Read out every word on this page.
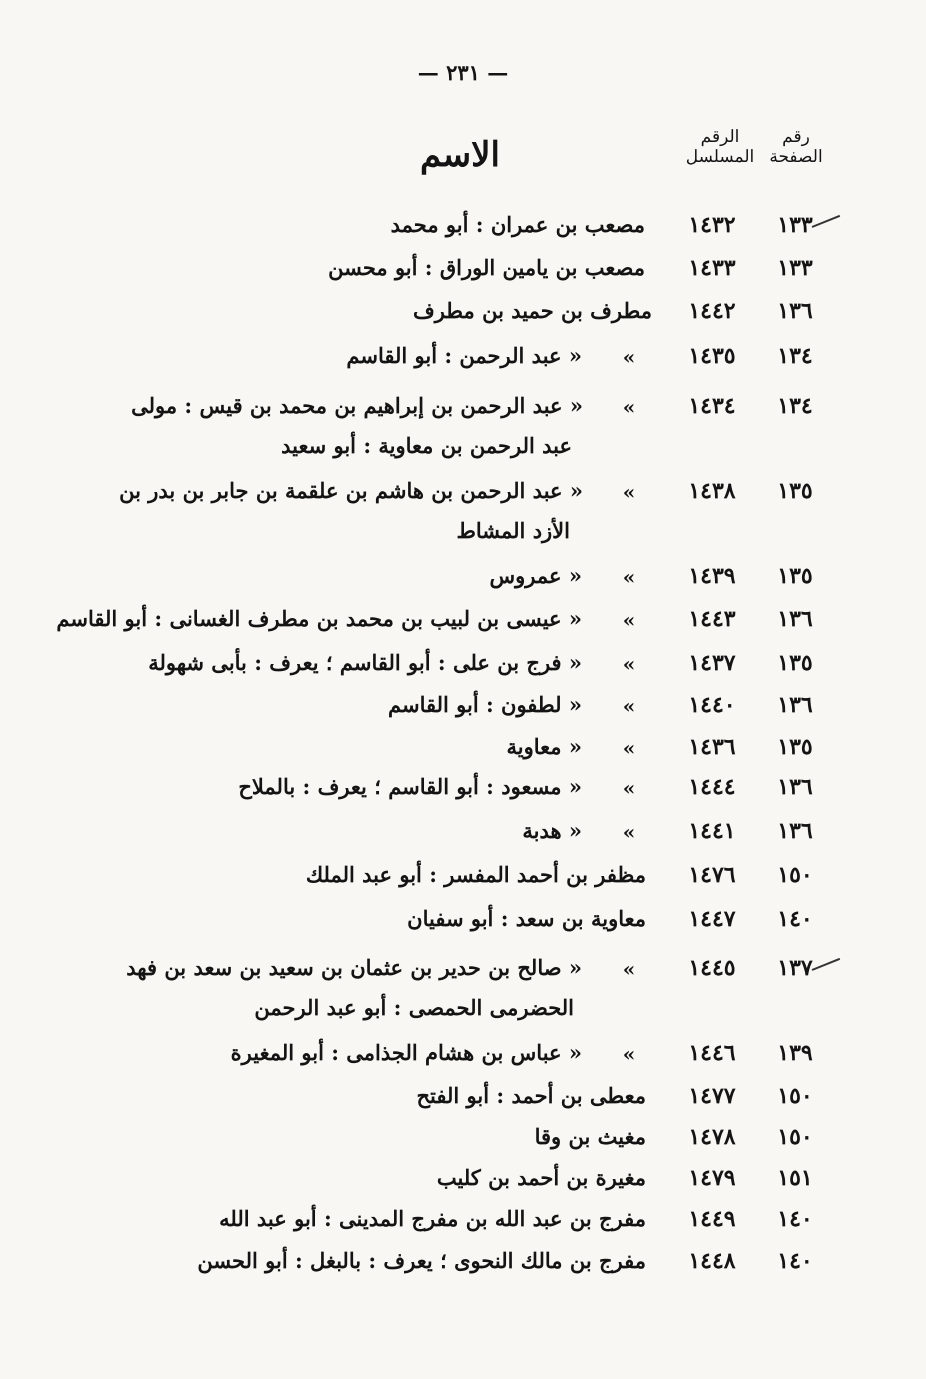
— ٢٣١ —
رقم الصفحة
الرقم المسلسل
الاسم
١٣٣
١٤٣٢
مصعب بن عمران : أبو محمد
١٣٣
١٤٣٣
مصعب بن يامين الوراق : أبو محسن
١٣٦
١٤٤٢
مطرف بن حميد بن مطرف
١٣٤
١٤٣٥
«
« عبد الرحمن : أبو القاسم
١٣٤
١٤٣٤
«
« عبد الرحمن بن إبراهيم بن محمد بن قيس : مولى
عبد الرحمن بن معاوية : أبو سعيد
١٣٥
١٤٣٨
«
« عبد الرحمن بن هاشم بن علقمة بن جابر بن بدر بن
الأزد المشاط
١٣٥
١٤٣٩
«
« عمروس
١٣٦
١٤٤٣
«
« عيسى بن لبيب بن محمد بن مطرف الغسانى : أبو القاسم
١٣٥
١٤٣٧
«
« فرج بن على : أبو القاسم ؛ يعرف : بأبى شهولة
١٣٦
١٤٤٠
«
« لطفون : أبو القاسم
١٣٥
١٤٣٦
«
« معاوية
١٣٦
١٤٤٤
«
« مسعود : أبو القاسم ؛ يعرف : بالملاح
١٣٦
١٤٤١
«
« هدبة
١٥٠
١٤٧٦
مظفر بن أحمد المفسر : أبو عبد الملك
١٤٠
١٤٤٧
معاوية بن سعد : أبو سفيان
١٣٧
١٤٤٥
«
« صالح بن حدير بن عثمان بن سعيد بن سعد بن فهد
الحضرمى الحمصى : أبو عبد الرحمن
١٣٩
١٤٤٦
«
« عباس بن هشام الجذامى : أبو المغيرة
١٥٠
١٤٧٧
معطى بن أحمد : أبو الفتح
١٥٠
١٤٧٨
مغيث بن وقا
١٥١
١٤٧٩
مغيرة بن أحمد بن كليب
١٤٠
١٤٤٩
مفرج بن عبد الله بن مفرج المدينى : أبو عبد الله
١٤٠
١٤٤٨
مفرج بن مالك النحوى ؛ يعرف : بالبغل : أبو الحسن
